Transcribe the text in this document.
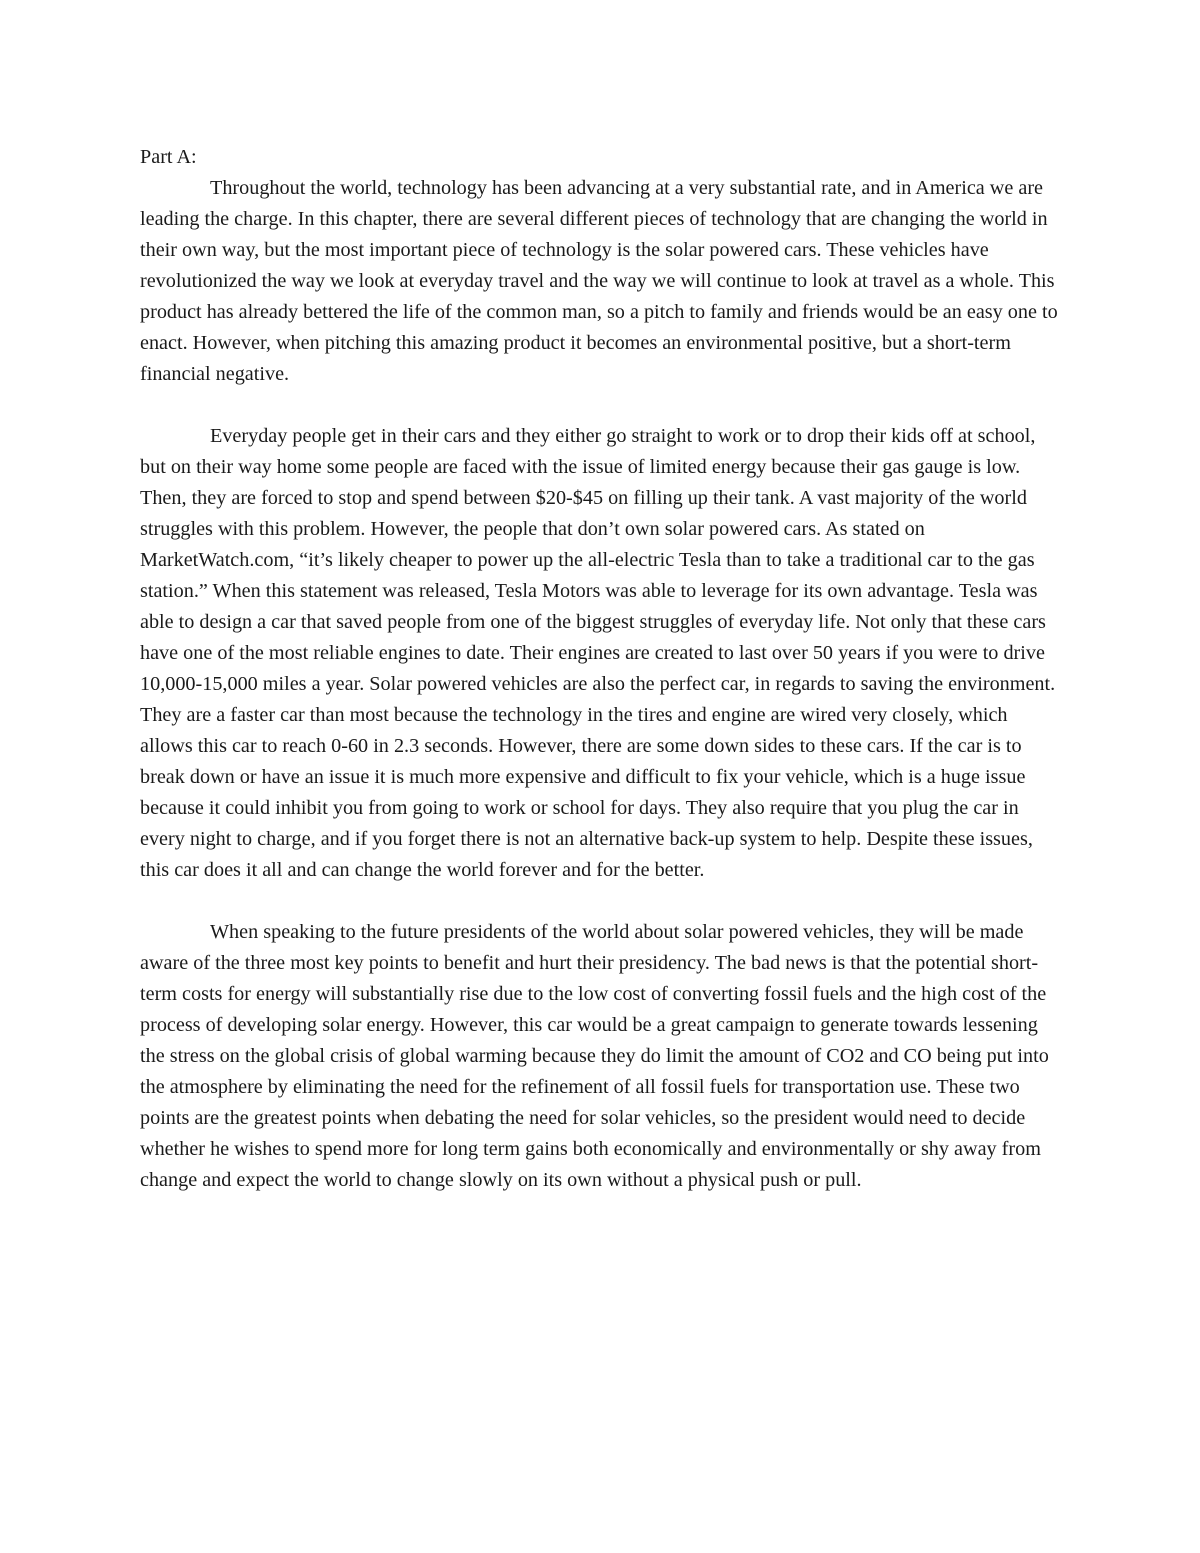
Part A:

Throughout the world, technology has been advancing at a very substantial rate, and in America we are leading the charge. In this chapter, there are several different pieces of technology that are changing the world in their own way, but the most important piece of technology is the solar powered cars. These vehicles have revolutionized the way we look at everyday travel and the way we will continue to look at travel as a whole. This product has already bettered the life of the common man, so a pitch to family and friends would be an easy one to enact. However, when pitching this amazing product it becomes an environmental positive, but a short-term financial negative.

Everyday people get in their cars and they either go straight to work or to drop their kids off at school, but on their way home some people are faced with the issue of limited energy because their gas gauge is low. Then, they are forced to stop and spend between $20-$45 on filling up their tank. A vast majority of the world struggles with this problem. However, the people that don’t own solar powered cars. As stated on MarketWatch.com, “it’s likely cheaper to power up the all-electric Tesla than to take a traditional car to the gas station.” When this statement was released, Tesla Motors was able to leverage for its own advantage. Tesla was able to design a car that saved people from one of the biggest struggles of everyday life. Not only that these cars have one of the most reliable engines to date. Their engines are created to last over 50 years if you were to drive 10,000-15,000 miles a year. Solar powered vehicles are also the perfect car, in regards to saving the environment. They are a faster car than most because the technology in the tires and engine are wired very closely, which allows this car to reach 0-60 in 2.3 seconds. However, there are some down sides to these cars. If the car is to break down or have an issue it is much more expensive and difficult to fix your vehicle, which is a huge issue because it could inhibit you from going to work or school for days. They also require that you plug the car in every night to charge, and if you forget there is not an alternative back-up system to help. Despite these issues, this car does it all and can change the world forever and for the better.

When speaking to the future presidents of the world about solar powered vehicles, they will be made aware of the three most key points to benefit and hurt their presidency. The bad news is that the potential short-term costs for energy will substantially rise due to the low cost of converting fossil fuels and the high cost of the process of developing solar energy. However, this car would be a great campaign to generate towards lessening the stress on the global crisis of global warming because they do limit the amount of CO2 and CO being put into the atmosphere by eliminating the need for the refinement of all fossil fuels for transportation use. These two points are the greatest points when debating the need for solar vehicles, so the president would need to decide whether he wishes to spend more for long term gains both economically and environmentally or shy away from change and expect the world to change slowly on its own without a physical push or pull.
